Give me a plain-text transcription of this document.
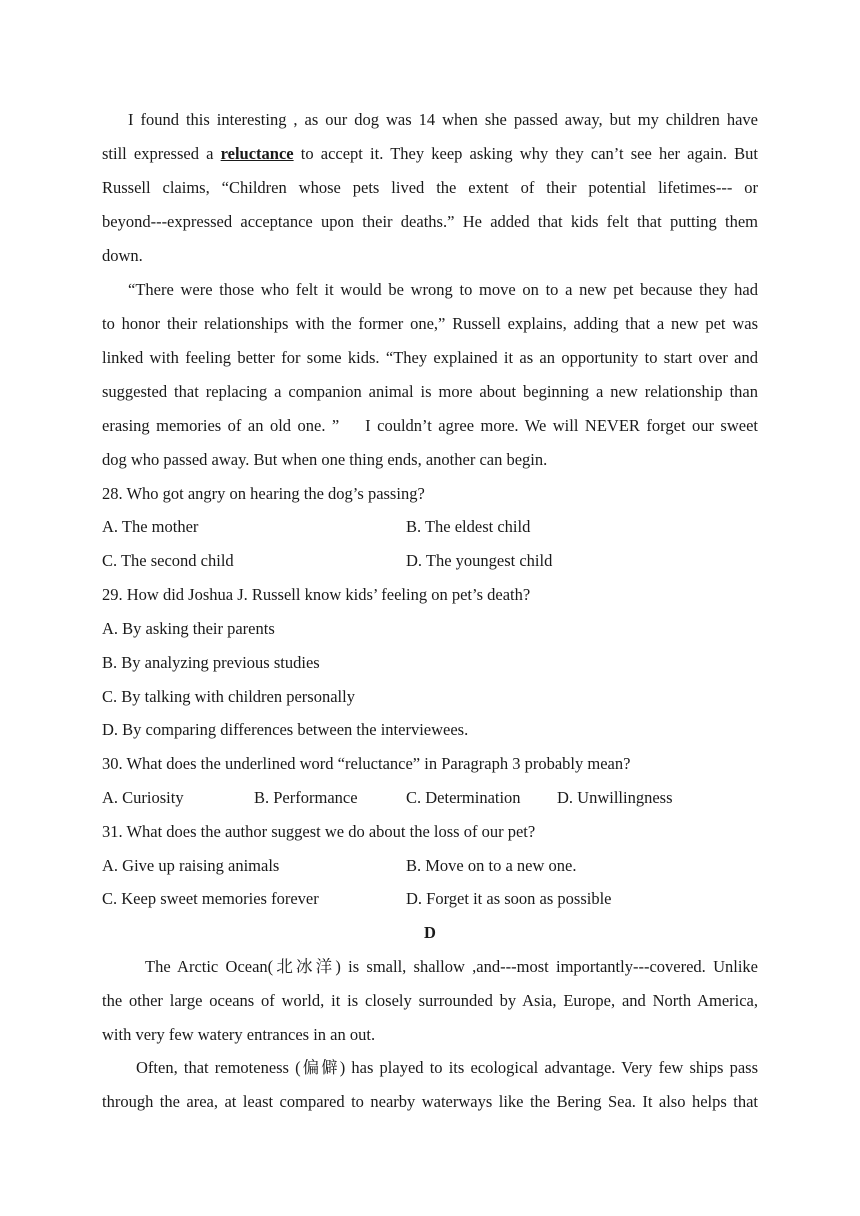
I found this interesting , as our dog was 14 when she passed away, but my children have
still expressed a reluctance to accept it. They keep asking why they can’t see her again. But
Russell claims, “Children whose pets lived the extent of their potential lifetimes--- or
beyond---expressed acceptance upon their deaths.” He added that kids felt that putting them
down.
“There were those who felt it would be wrong to move on to a new pet because they had
to honor their relationships with the former one,” Russell explains, adding that a new pet was
linked with feeling better for some kids. “They explained it as an opportunity to start over and
suggested that replacing a companion animal is more about beginning a new relationship than
erasing memories of an old one. ”    I couldn’t agree more. We will NEVER forget our sweet
dog who passed away. But when one thing ends, another can begin.
28. Who got angry on hearing the dog’s passing?
A. The mother	B. The eldest child
C. The second child	D. The youngest child
29. How did Joshua J. Russell know kids’ feeling on pet’s death?
A. By asking their parents
B. By analyzing previous studies
C. By talking with children personally
D. By comparing differences between the interviewees.
30. What does the underlined word “reluctance” in Paragraph 3 probably mean?
A. Curiosity	B. Performance	C. Determination D. Unwillingness
31. What does the author suggest we do about the loss of our pet?
A. Give up raising animals	B. Move on to a new one.
C. Keep sweet memories forever	D. Forget it as soon as possible
D
The Arctic Ocean(北冰洋) is small, shallow ,and---most importantly---covered. Unlike
the other large oceans of world, it is closely surrounded by Asia, Europe, and North America,
with very few watery entrances in an out.
Often, that remoteness (偏僻) has played to its ecological advantage. Very few ships pass
through the area, at least compared to nearby waterways like the Bering Sea. It also helps that
